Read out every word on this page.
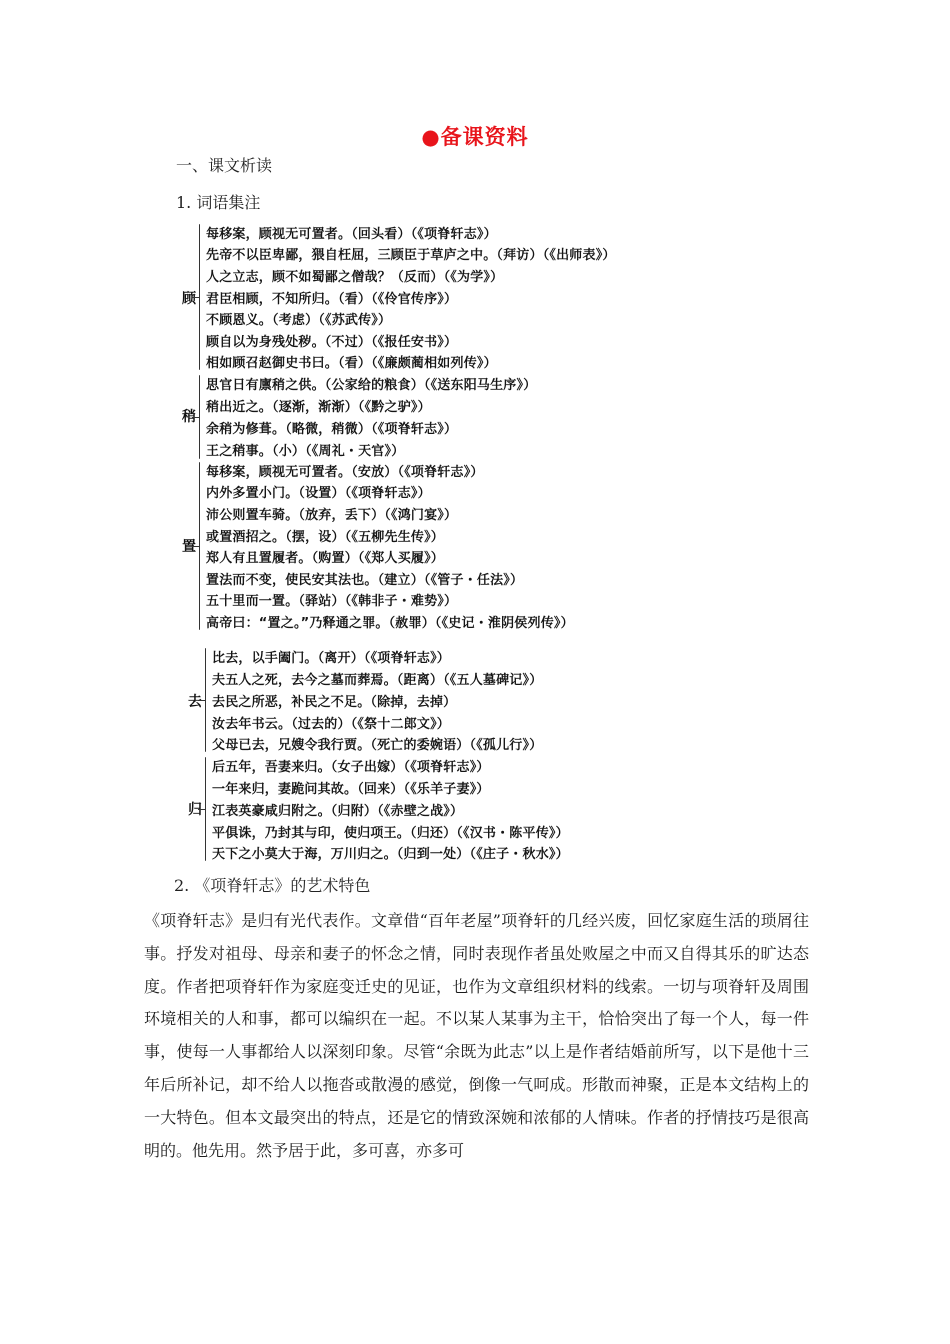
●备课资料
一、课文析读
1. 词语集注
顾
每移案，顾视无可置者。（回头看）（《项脊轩志》）
先帝不以臣卑鄙，猥自枉屈，三顾臣于草庐之中。（拜访）（《出师表》）
人之立志，顾不如蜀鄙之僧哉？（反而）（《为学》）
君臣相顾，不知所归。（看）（《伶官传序》）
不顾恩义。（考虑）（《苏武传》）
顾自以为身残处秽。（不过）（《报任安书》）
相如顾召赵御史书曰。（看）（《廉颇蔺相如列传》）
稍
思官日有廪稍之供。（公家给的粮食）（《送东阳马生序》）
稍出近之。（逐渐，渐渐）（《黔之驴》）
余稍为修葺。（略微，稍微）（《项脊轩志》）
王之稍事。（小）（《周礼・天官》）
置
每移案，顾视无可置者。（安放）（《项脊轩志》）
内外多置小门。（设置）（《项脊轩志》）
沛公则置车骑。（放弃，丢下）（《鸿门宴》）
或置酒招之。（摆，设）（《五柳先生传》）
郑人有且置履者。（购置）（《郑人买履》）
置法而不变，使民安其法也。（建立）（《管子・任法》）
五十里而一置。（驿站）（《韩非子・难势》）
高帝曰：“置之。”乃释通之罪。（赦罪）（《史记・淮阴侯列传》）
去
比去，以手阖门。（离开）（《项脊轩志》）
夫五人之死，去今之墓而葬焉。（距离）（《五人墓碑记》）
去民之所恶，补民之不足。（除掉，去掉）
汝去年书云。（过去的）（《祭十二郎文》）
父母已去，兄嫂令我行贾。（死亡的委婉语）（《孤儿行》）
归
后五年，吾妻来归。（女子出嫁）（《项脊轩志》）
一年来归，妻跪问其故。（回来）（《乐羊子妻》）
江表英豪咸归附之。（归附）（《赤壁之战》）
平俱诛，乃封其与印，使归项王。（归还）（《汉书・陈平传》）
天下之小莫大于海，万川归之。（归到一处）（《庄子・秋水》）
2. 《项脊轩志》的艺术特色

《项脊轩志》是归有光代表作。文章借“百年老屋”项脊轩的几经兴废，回忆家庭生活的琐屑往事。抒发对祖母、母亲和妻子的怀念之情，同时表现作者虽处败屋之中而又自得其乐的旷达态度。作者把项脊轩作为家庭变迁史的见证，也作为文章组织材料的线索。一切与项脊轩及周围环境相关的人和事，都可以编织在一起。不以某人某事为主干，恰恰突出了每一个人，每一件事，使每一人事都给人以深刻印象。尽管“余既为此志”以上是作者结婚前所写，以下是他十三年后所补记，却不给人以拖沓或散漫的感觉，倒像一气呵成。形散而神聚，正是本文结构上的一大特色。但本文最突出的特点，还是它的情致深婉和浓郁的人情味。作者的抒情技巧是很高明的。他先用。然予居于此，多可喜，亦多可
